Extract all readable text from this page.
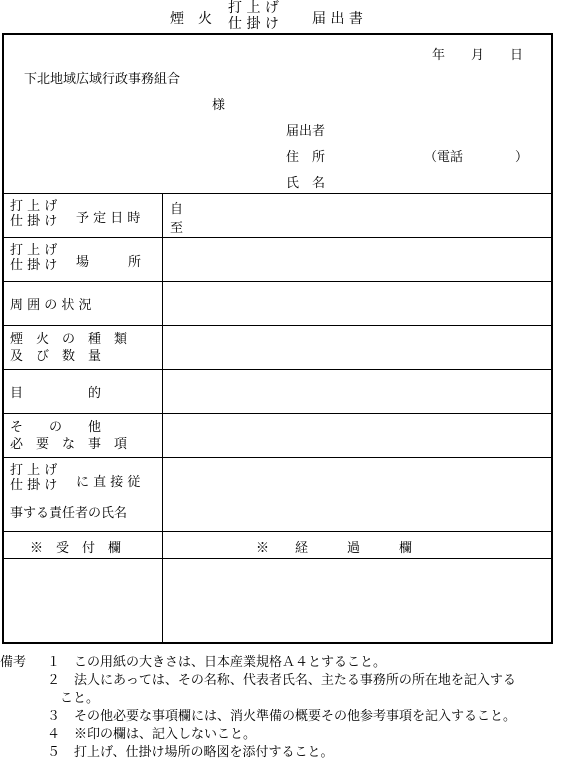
煙　火
打 上 げ
仕 掛 け 届 出 書
年　　月　　日
下北地域広域行政事務組合
様
届出者
住　所	（電話　　　　）
氏　名
打 上 げ
仕 掛 け 予 定 日 時
自
至
打 上 げ
仕 掛 け 場　　　所
周 囲 の 状 況
煙　火　の　種　類
及　び　数　量
目　　　　　的
そ　　の　　他
必　要　な　事　項
打 上 げ
仕 掛 け に 直 接 従
事する責任者の氏名
※　受　付　欄	※　　経　　　過　　　欄
備考 １ この用紙の大きさは、日本産業規格Ａ４とすること。
２ 法人にあっては、その名称、代表者氏名、主たる事務所の所在地を記入する
こと。
３ その他必要な事項欄には、消火準備の概要その他参考事項を記入すること。
４ ※印の欄は、記入しないこと。
５ 打上げ、仕掛け場所の略図を添付すること。
